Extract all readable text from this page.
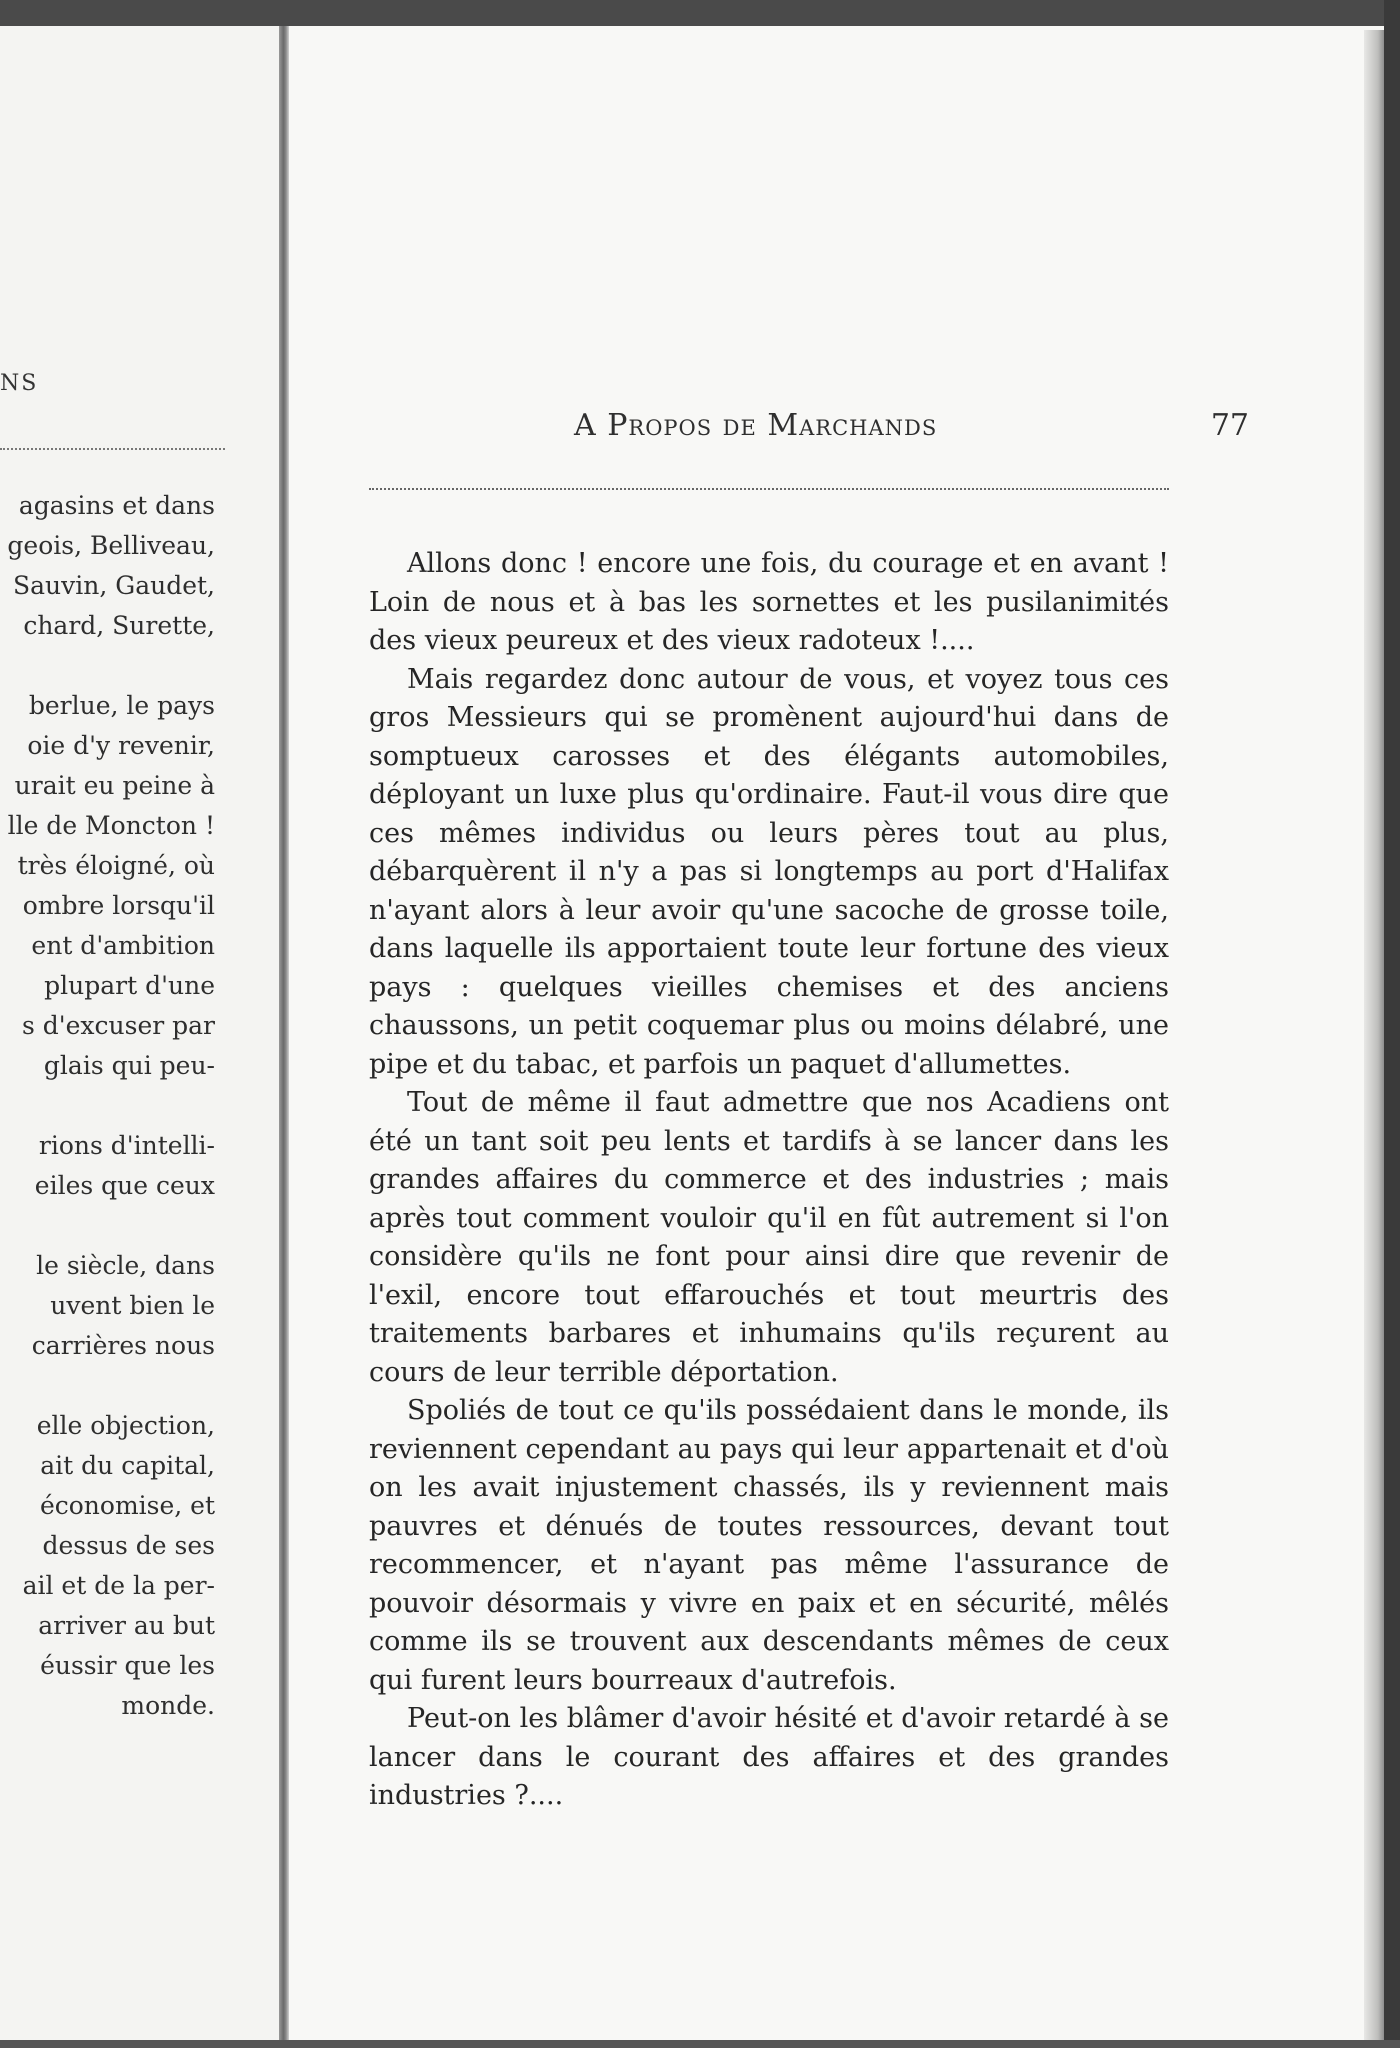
NS
agasins et dans
geois, Belliveau,
Sauvin, Gaudet,
chard, Surette,
berlue, le pays
oie d'y revenir,
urait eu peine à
lle de Moncton !
très éloigné, où
ombre lorsqu'il
ent d'ambition
plupart d'une
s d'excuser par
glais qui peu-
rions d'intelli-
eiles que ceux
le siècle, dans
uvent bien le
carrières nous
elle objection,
ait du capital,
économise, et
dessus de ses
ail et de la per-
arriver au but
éussir que les
monde.
A Propos de Marchands	77

Allons donc ! encore une fois, du courage et en avant ! Loin de nous et à bas les sornettes et les pusilanimités des vieux peureux et des vieux radoteux !....

Mais regardez donc autour de vous, et voyez tous ces gros Messieurs qui se promènent aujourd'hui dans de somptueux carosses et des élégants automobiles, déployant un luxe plus qu'ordinaire. Faut-il vous dire que ces mêmes individus ou leurs pères tout au plus, débarquèrent il n'y a pas si longtemps au port d'Halifax n'ayant alors à leur avoir qu'une sacoche de grosse toile, dans laquelle ils apportaient toute leur fortune des vieux pays : quelques vieilles chemises et des anciens chaussons, un petit coquemar plus ou moins délabré, une pipe et du tabac, et parfois un paquet d'allumettes.

Tout de même il faut admettre que nos Acadiens ont été un tant soit peu lents et tardifs à se lancer dans les grandes affaires du commerce et des industries ; mais après tout comment vouloir qu'il en fût autrement si l'on considère qu'ils ne font pour ainsi dire que revenir de l'exil, encore tout effarouchés et tout meurtris des traitements barbares et inhumains qu'ils reçurent au cours de leur terrible déportation.

Spoliés de tout ce qu'ils possédaient dans le monde, ils reviennent cependant au pays qui leur appartenait et d'où on les avait injustement chassés, ils y reviennent mais pauvres et dénués de toutes ressources, devant tout recommencer, et n'ayant pas même l'assurance de pouvoir désormais y vivre en paix et en sécurité, mêlés comme ils se trouvent aux descendants mêmes de ceux qui furent leurs bourreaux d'autrefois.

Peut-on les blâmer d'avoir hésité et d'avoir retardé à se lancer dans le courant des affaires et des grandes industries ?....
